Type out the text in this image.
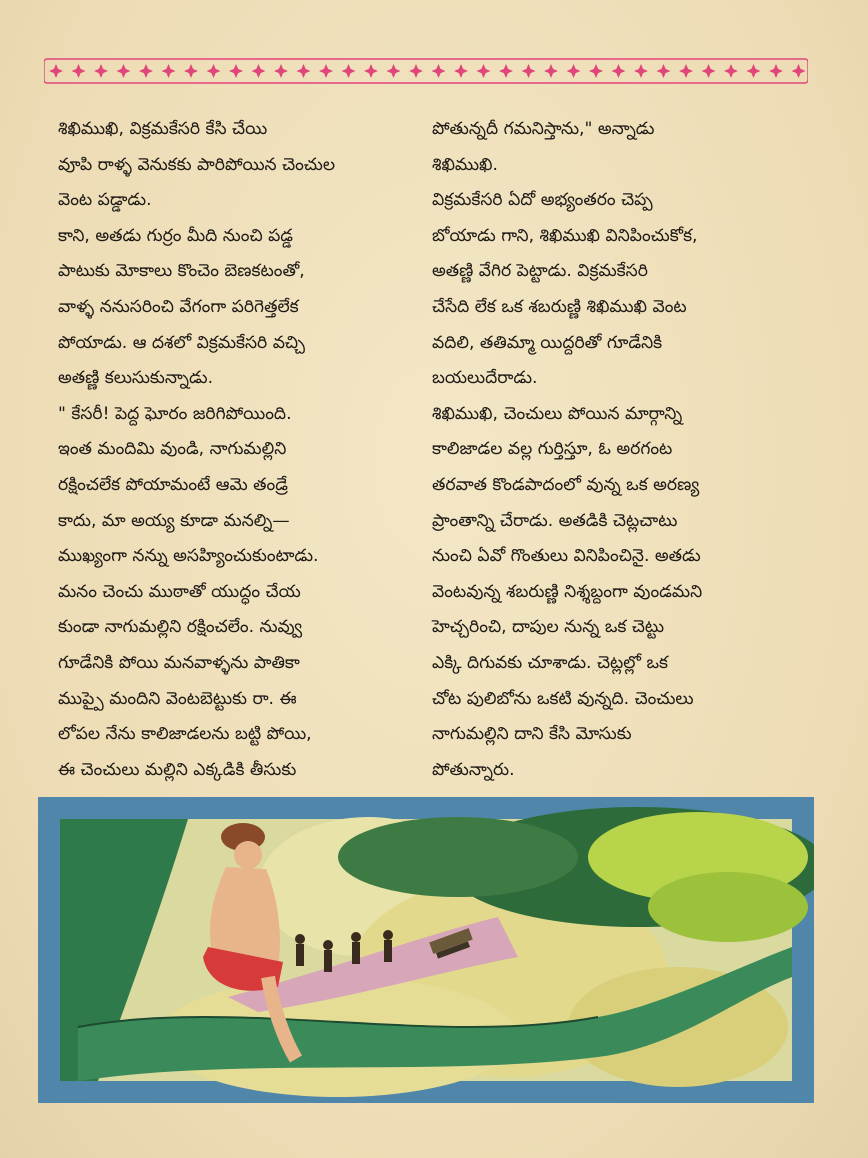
శిఖిముఖి, విక్రమకేసరి కేసి చేయి
వూపి రాళ్ళ వెనుకకు పారిపోయిన చెంచుల
వెంట పడ్డాడు.

కాని, అతడు గుర్రం మీది నుంచి పడ్డ
పాటుకు మోకాలు కొంచెం బెణకటంతో,
వాళ్ళ ననుసరించి వేగంగా పరిగెత్తలేక
పోయాడు. ఆ దశలో విక్రమకేసరి వచ్చి
అతణ్ణి కలుసుకున్నాడు.

" కేసరీ! పెద్ద ఘోరం జరిగిపోయింది.
ఇంత మందిమి వుండి, నాగుమల్లిని
రక్షించలేక పోయామంటే ఆమె తండ్రే
కాదు, మా అయ్య కూడా మనల్ని—
ముఖ్యంగా నన్ను అసహ్యించుకుంటాడు.
మనం చెంచు ముఠాతో యుద్ధం చేయ
కుండా నాగుమల్లిని రక్షించలేం. నువ్వు
గూడేనికి పోయి మనవాళ్ళను పాతికా
ముప్పై మందిని వెంటబెట్టుకు రా. ఈ
లోపల నేను కాలిజాడలను బట్టి పోయి,
ఈ చెంచులు మల్లిని ఎక్కడికి తీసుకు

పోతున్నదీ గమనిస్తాను," అన్నాడు
శిఖిముఖి.

విక్రమకేసరి ఏదో అభ్యంతరం చెప్ప
బోయాడు గాని, శిఖిముఖి వినిపించుకోక,
అతణ్ణి వేగిర పెట్టాడు. విక్రమకేసరి
చేసేది లేక ఒక శబరుణ్ణి శిఖిముఖి వెంట
వదిలి, తతిమ్మా యిద్దరితో గూడేనికి
బయలుదేరాడు.

శిఖిముఖి, చెంచులు పోయిన మార్గాన్ని
కాలిజాడల వల్ల గుర్తిస్తూ, ఓ అరగంట
తరవాత కొండపాదంలో వున్న ఒక అరణ్య
ప్రాంతాన్ని చేరాడు. అతడికి చెట్లచాటు
నుంచి ఏవో గొంతులు వినిపించినై. అతడు
వెంటవున్న శబరుణ్ణి నిశ్శబ్దంగా వుండమని
హెచ్చరించి, దాపుల నున్న ఒక చెట్టు
ఎక్కి దిగువకు చూశాడు. చెట్లల్లో ఒక
చోట పులిబోను ఒకటి వున్నది. చెంచులు
నాగుమల్లిని దాని కేసి మోసుకు
పోతున్నారు.
